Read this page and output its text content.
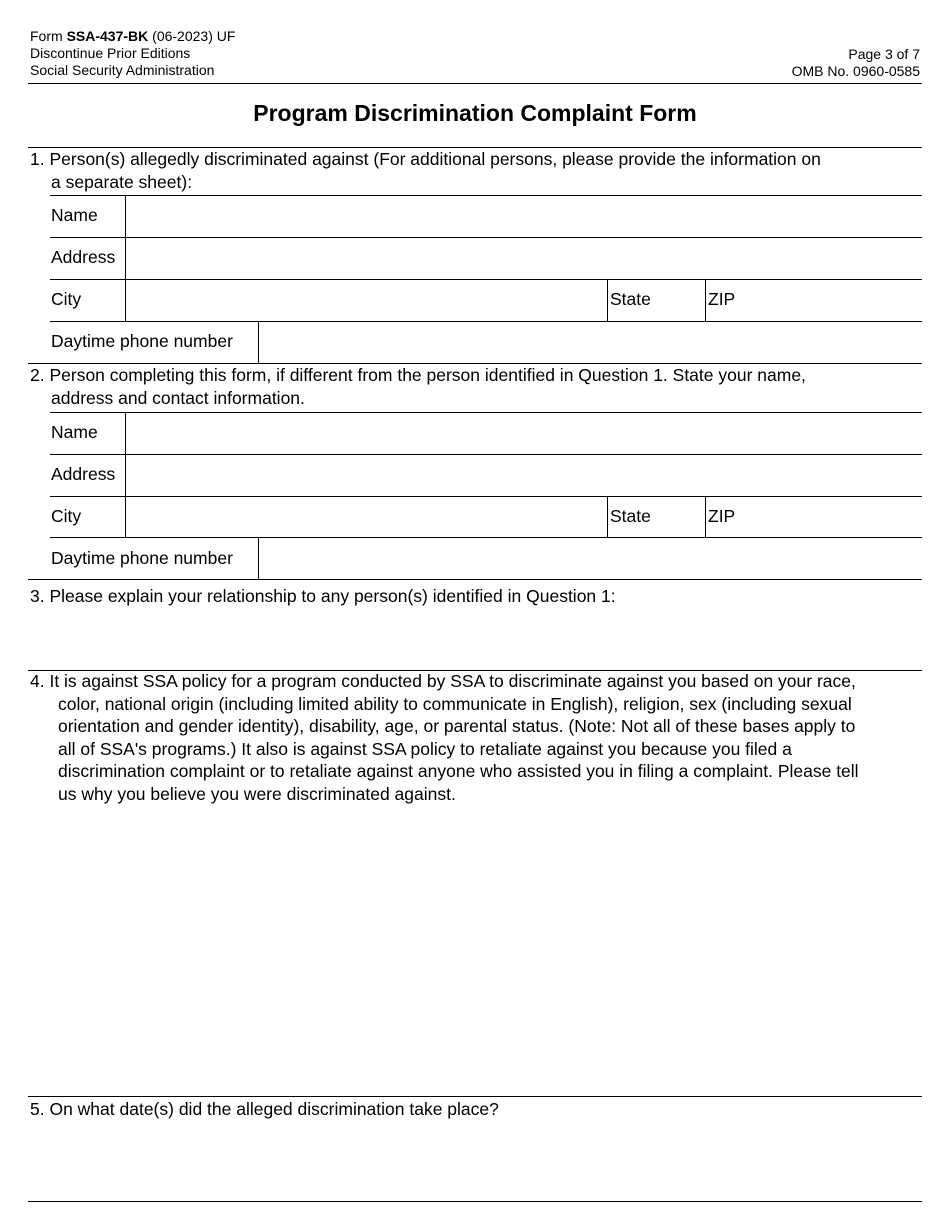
Form SSA-437-BK (06-2023) UF
Discontinue Prior Editions
Social Security Administration
Page 3 of 7
OMB No. 0960-0585
Program Discrimination Complaint Form
1. Person(s) allegedly discriminated against (For additional persons, please provide the information on
a separate sheet):
Name
Address
City	State	ZIP
Daytime phone number
2. Person completing this form, if different from the person identified in Question 1. State your name,
address and contact information.
Name
Address
City	State	ZIP
Daytime phone number
3. Please explain your relationship to any person(s) identified in Question 1:
4. It is against SSA policy for a program conducted by SSA to discriminate against you based on your race,
color, national origin (including limited ability to communicate in English), religion, sex (including sexual
orientation and gender identity), disability, age, or parental status. (Note: Not all of these bases apply to
all of SSA's programs.) It also is against SSA policy to retaliate against you because you filed a
discrimination complaint or to retaliate against anyone who assisted you in filing a complaint. Please tell
us why you believe you were discriminated against.
5. On what date(s) did the alleged discrimination take place?
